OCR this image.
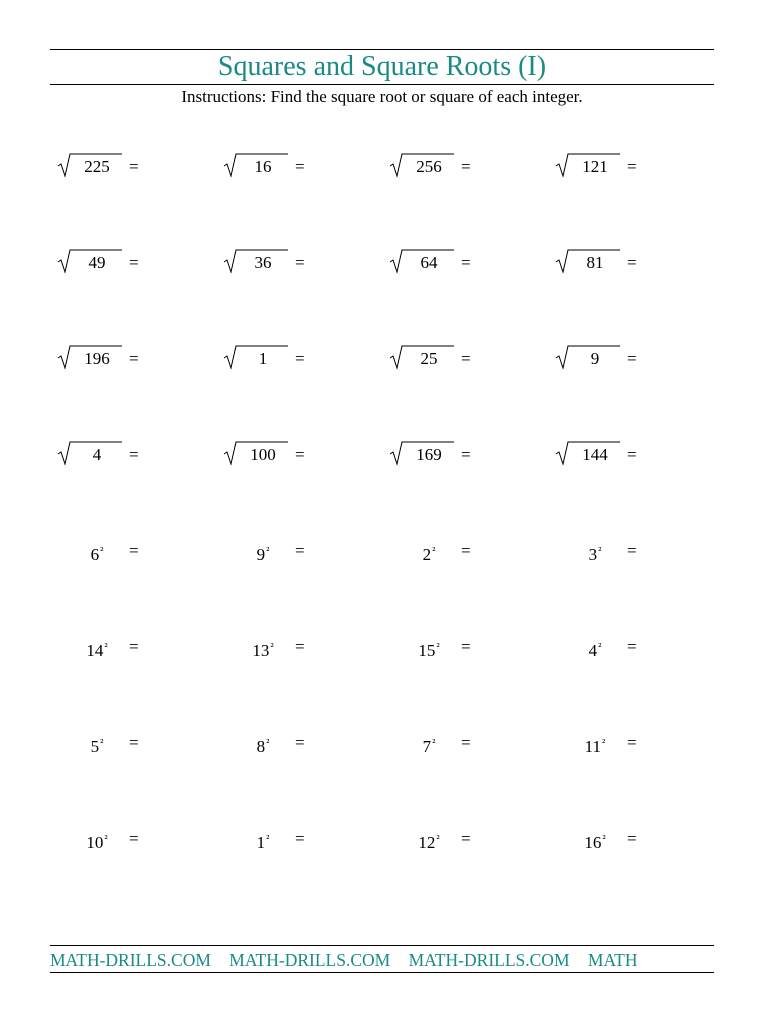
Squares and Square Roots (I)
Instructions: Find the square root or square of each integer.
225	=	16	=	256	=	121	=
49	=	36	=	64	=	81	=
196	=	1	=	25	=	9	=
4	=	100	=	169	=	144	=
$6^{^2}$	=	$9^{^2}$	=	$2^{^2}$	=	$3^{^2}$	=
$14^{^2}$	=	$13^{^2}$	=	$15^{^2}$	=	$4^{^2}$	=
$5^{^2}$	=	$8^{^2}$	=	$7^{^2}$	=	$11^{^2}$	=
$10^{^2}$	=	$1^{^2}$	=	$12^{^2}$	=	$16^{^2}$	=
MATH-DRILLS.COM MATH-DRILLS.COM MATH-DRILLS.COM MATH
